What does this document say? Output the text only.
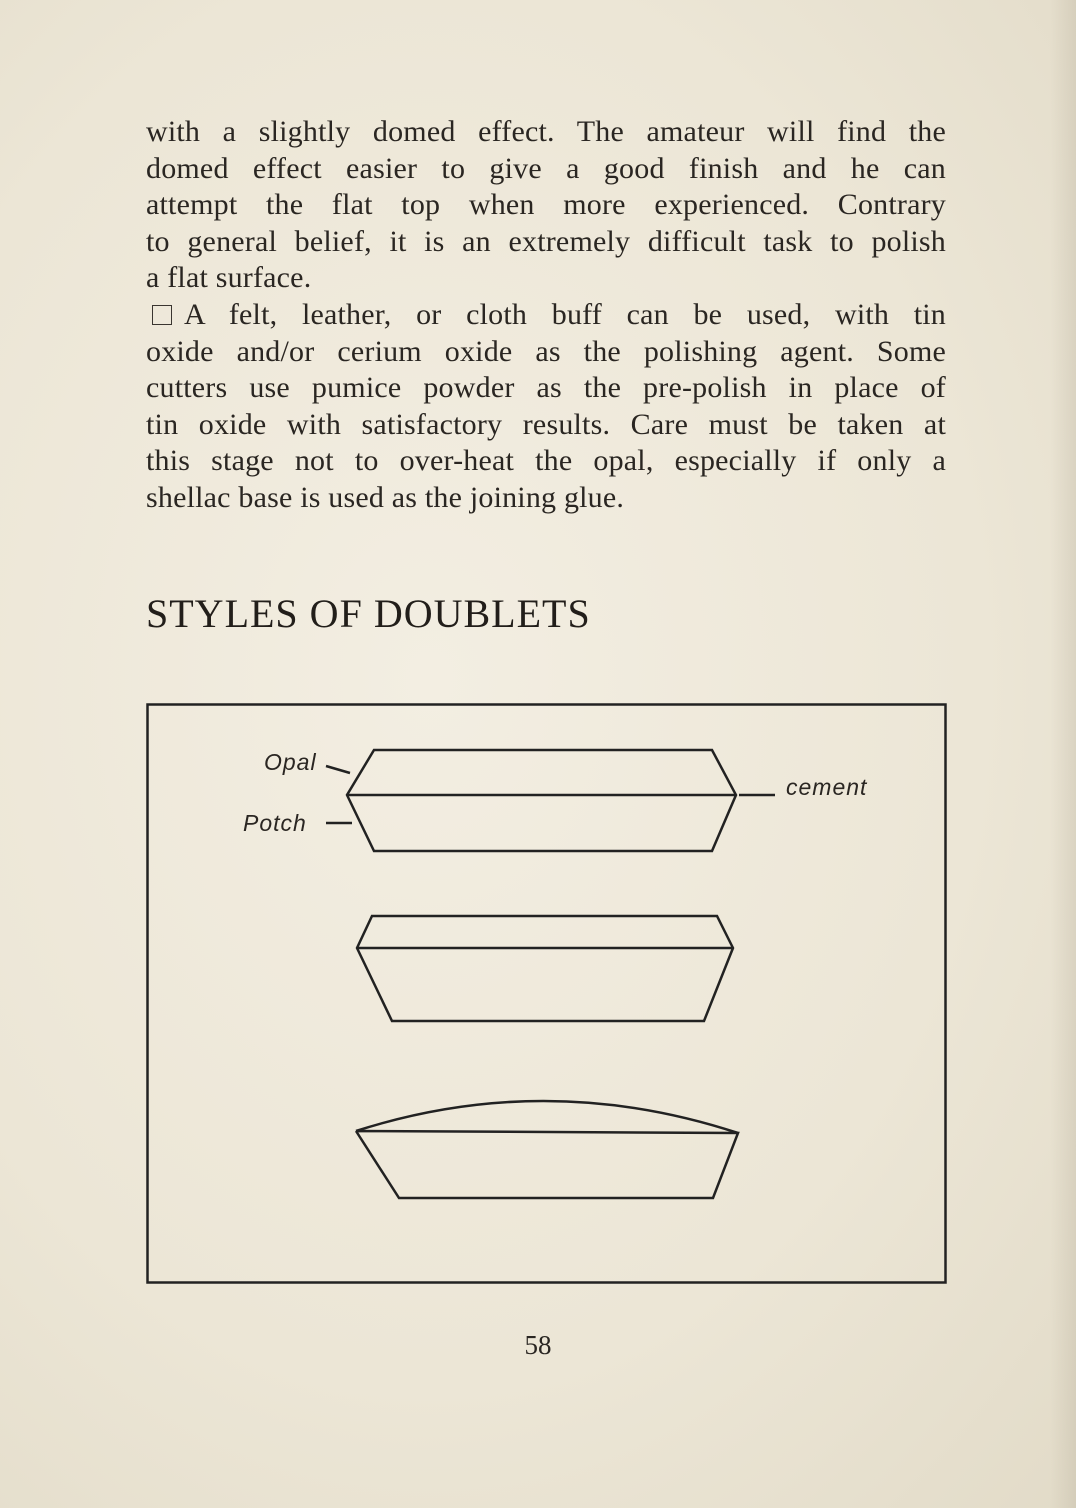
with a slightly domed effect. The amateur will find the
domed effect easier to give a good finish and he can
attempt the flat top when more experienced. Contrary
to general belief, it is an extremely difficult task to polish
a flat surface.
A felt, leather, or cloth buff can be used, with tin
oxide and/or cerium oxide as the polishing agent. Some
cutters use pumice powder as the pre-polish in place of
tin oxide with satisfactory results. Care must be taken at
this stage not to over-heat the opal, especially if only a
shellac base is used as the joining glue.
STYLES OF DOUBLETS
Opal
Potch
cement
58
